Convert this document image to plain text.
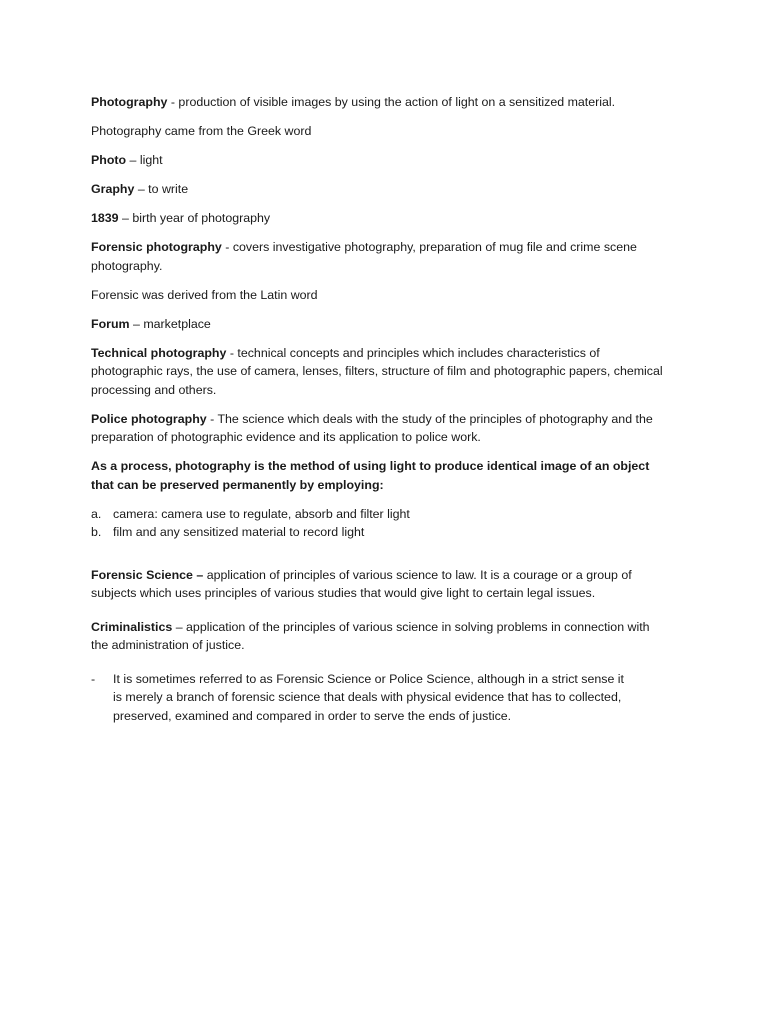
Photography - production of visible images by using the action of light on a sensitized material.

Photography came from the Greek word

Photo – light

Graphy – to write

1839 – birth year of photography

Forensic photography - covers investigative photography, preparation of mug file and crime scene photography.

Forensic was derived from the Latin word

Forum – marketplace

Technical photography - technical concepts and principles which includes characteristics of photographic rays, the use of camera, lenses, filters, structure of film and photographic papers, chemical processing and others.

Police photography - The science which deals with the study of the principles of photography and the preparation of photographic evidence and its application to police work.

As a process, photography is the method of using light to produce identical image of an object that can be preserved permanently by employing:

a. camera: camera use to regulate, absorb and filter light
b. film and any sensitized material to record light

Forensic Science – application of principles of various science to law. It is a courage or a group of subjects which uses principles of various studies that would give light to certain legal issues.

Criminalistics – application of the principles of various science in solving problems in connection with the administration of justice.

-	It is sometimes referred to as Forensic Science or Police Science, although in a strict sense it is merely a branch of forensic science that deals with physical evidence that has to collected, preserved, examined and compared in order to serve the ends of justice.
